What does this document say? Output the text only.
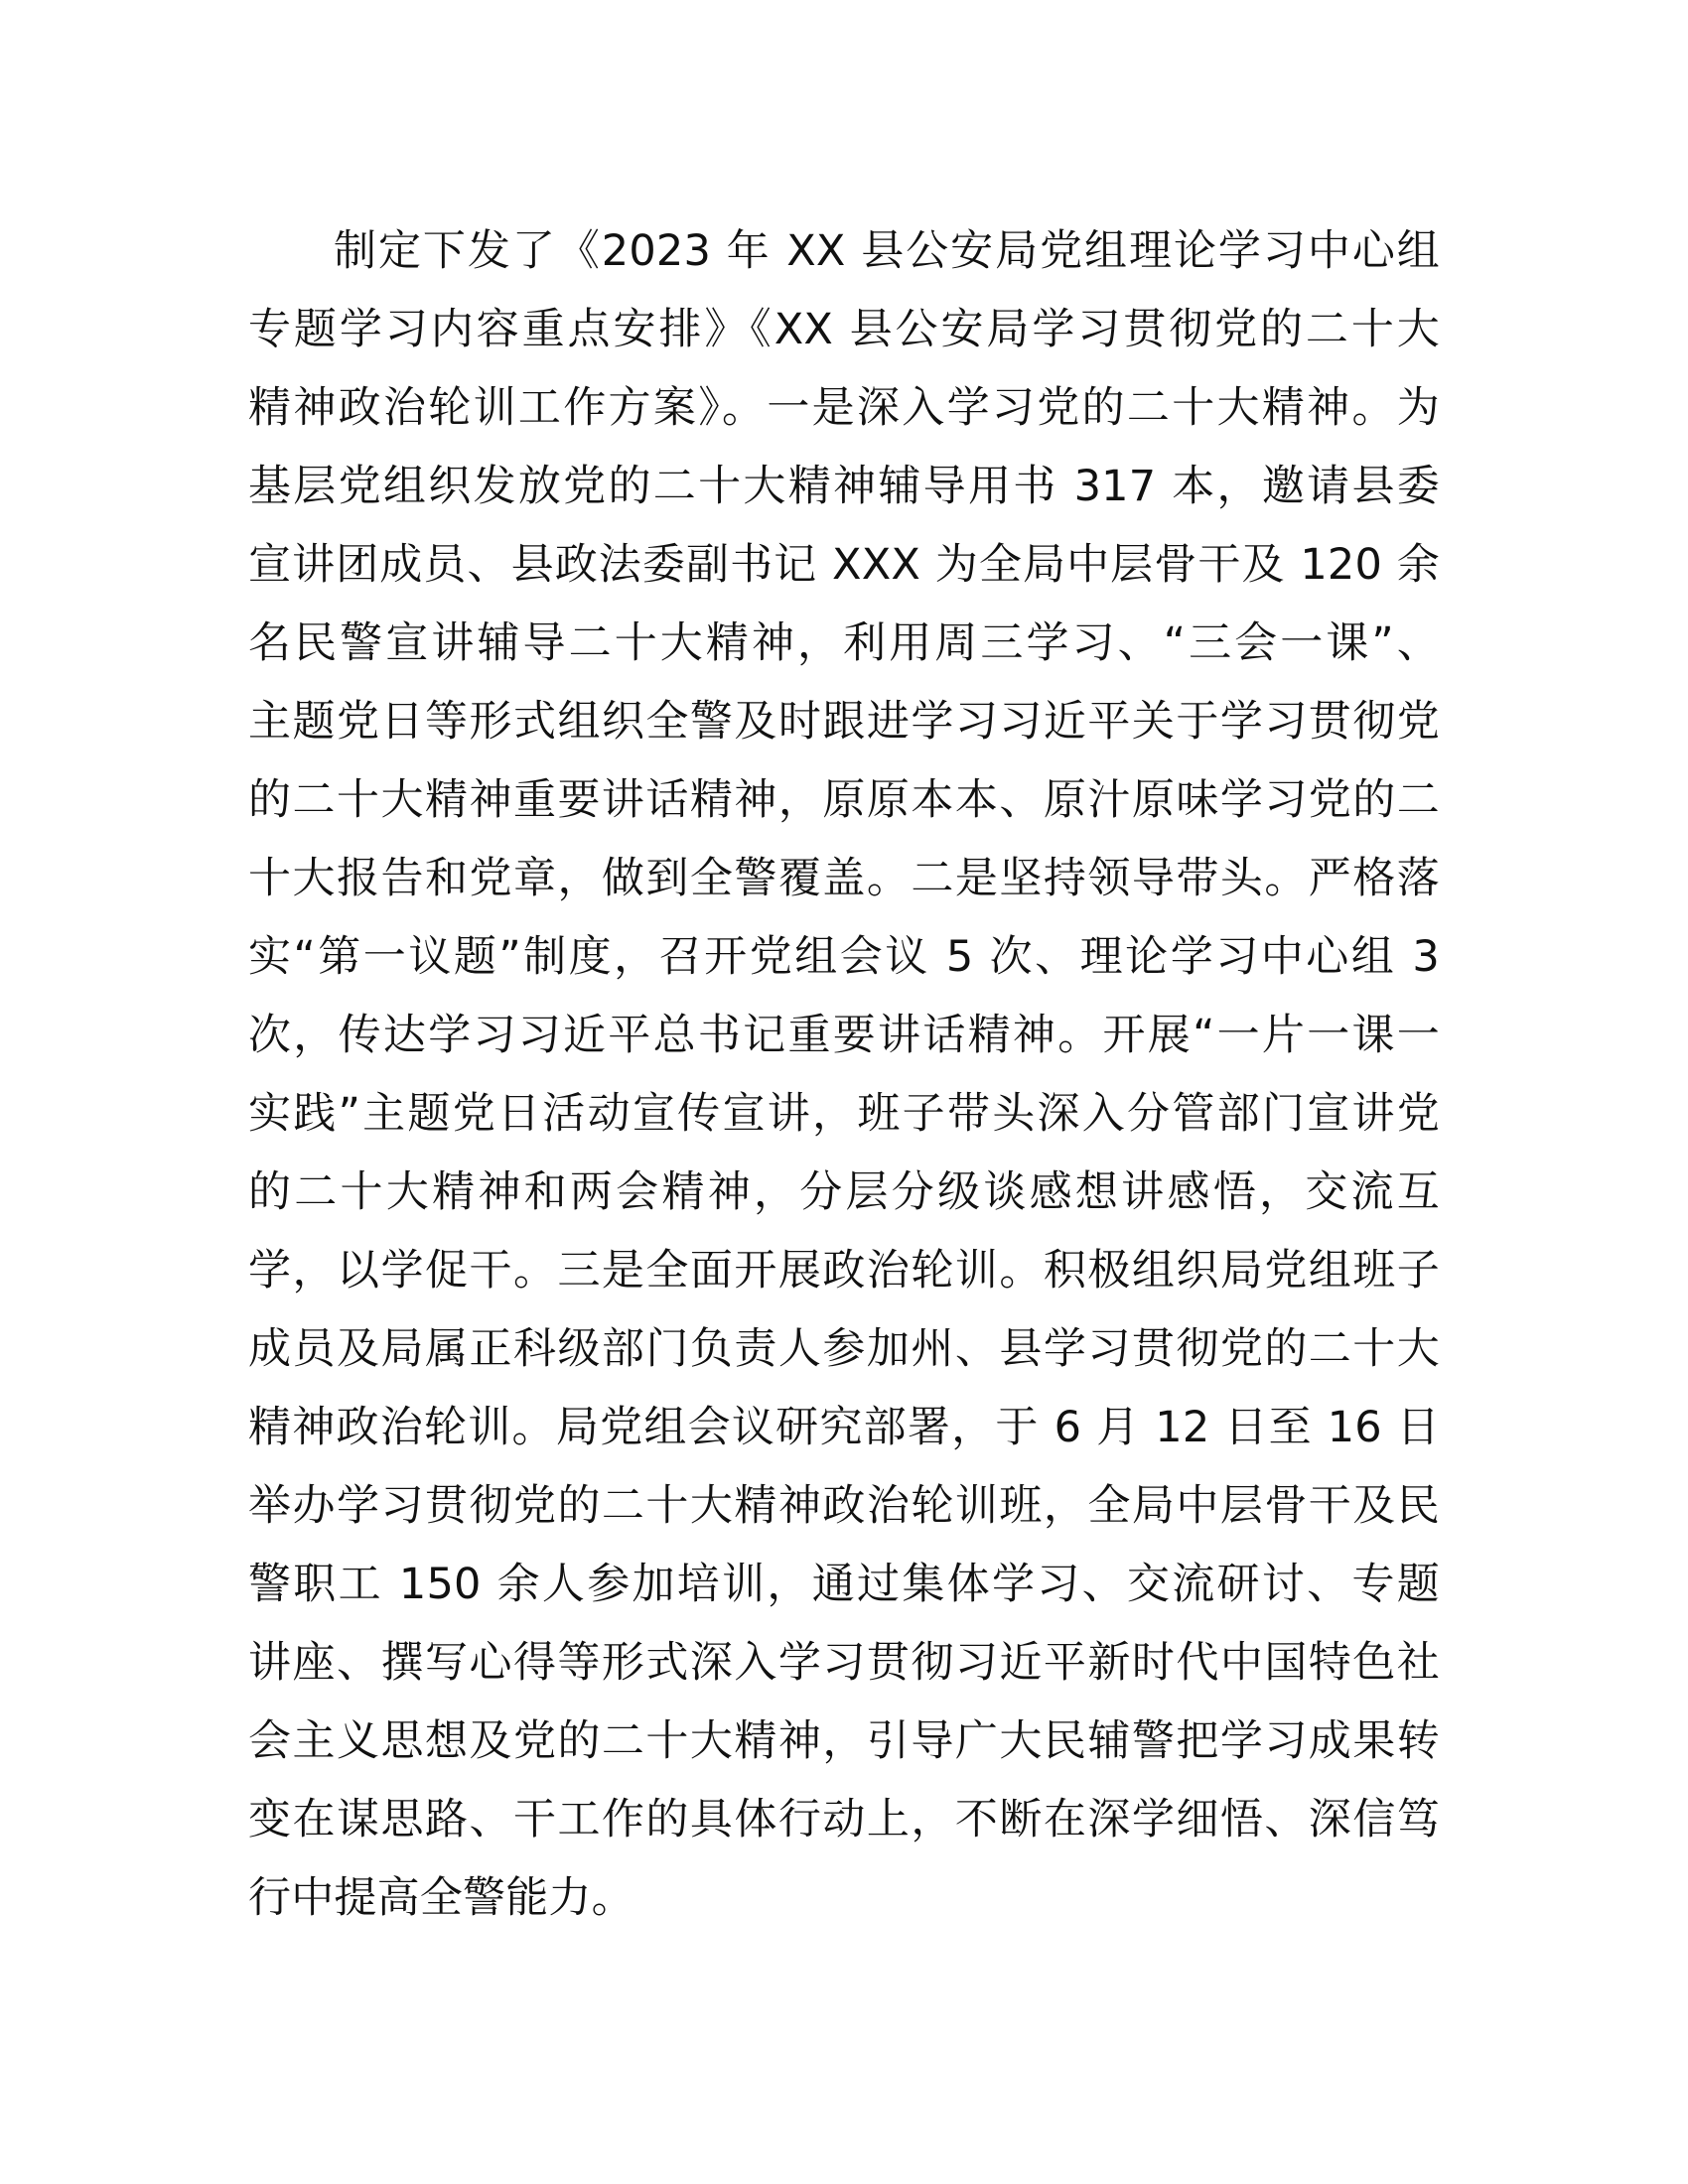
制定下发了《2023 年 XX 县公安局党组理论学习中心组
专题学习内容重点安排》《XX 县公安局学习贯彻党的二十大
精神政治轮训工作方案》。一是深入学习党的二十大精神。为
基层党组织发放党的二十大精神辅导用书 317 本，邀请县委
宣讲团成员、县政法委副书记 XXX 为全局中层骨干及 120 余
名民警宣讲辅导二十大精神，利用周三学习、“三会一课”、
主题党日等形式组织全警及时跟进学习习近平关于学习贯彻党
的二十大精神重要讲话精神，原原本本、原汁原味学习党的二
十大报告和党章，做到全警覆盖。二是坚持领导带头。严格落
实“第一议题”制度，召开党组会议 5 次、理论学习中心组 3
次，传达学习习近平总书记重要讲话精神。开展“一片一课一
实践”主题党日活动宣传宣讲，班子带头深入分管部门宣讲党
的二十大精神和两会精神，分层分级谈感想讲感悟，交流互
学，以学促干。三是全面开展政治轮训。积极组织局党组班子
成员及局属正科级部门负责人参加州、县学习贯彻党的二十大
精神政治轮训。局党组会议研究部署，于 6 月 12 日至 16 日
举办学习贯彻党的二十大精神政治轮训班，全局中层骨干及民
警职工 150 余人参加培训，通过集体学习、交流研讨、专题
讲座、撰写心得等形式深入学习贯彻习近平新时代中国特色社
会主义思想及党的二十大精神，引导广大民辅警把学习成果转
变在谋思路、干工作的具体行动上，不断在深学细悟、深信笃
行中提高全警能力。
